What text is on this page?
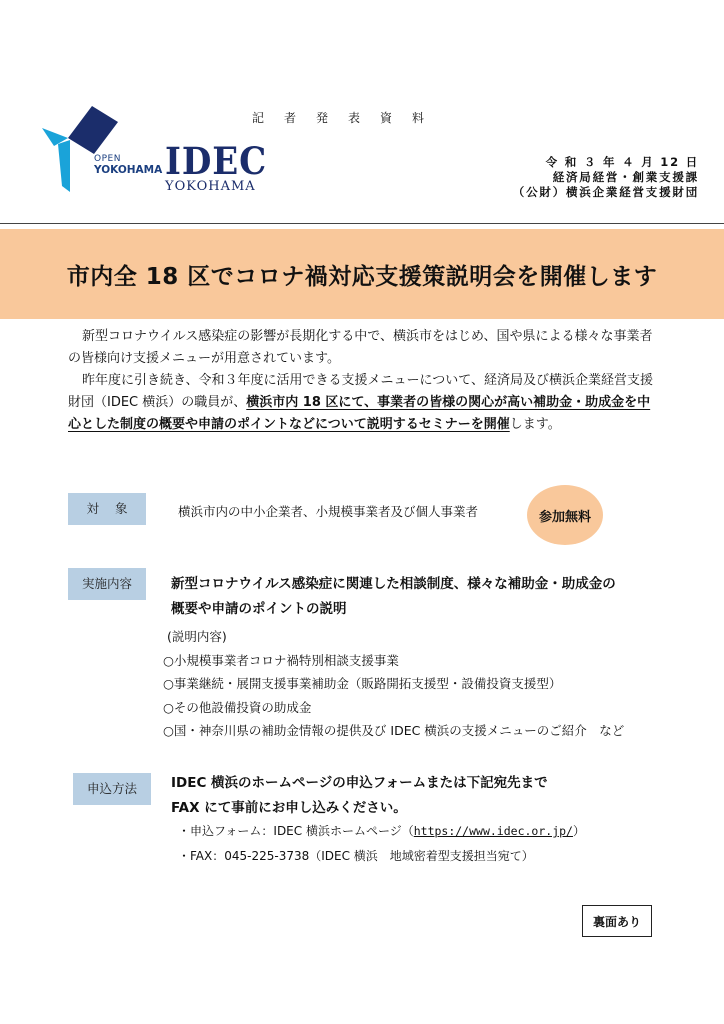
記者発表資料
OPEN
YOKOHAMA IDEC
YOKOHAMA
令 和 ３ 年 ４ 月 12 日
経済局経営・創業支援課
（公財）横浜企業経営支援財団
市内全 18 区でコロナ禍対応支援策説明会を開催します

新型コロナウイルス感染症の影響が長期化する中で、横浜市をはじめ、国や県による様々な事業者の皆様向け支援メニューが用意されています。

昨年度に引き続き、令和３年度に活用できる支援メニューについて、経済局及び横浜企業経営支援財団（IDEC 横浜）の職員が、横浜市内 18 区にて、事業者の皆様の関心が高い補助金・助成金を中心とした制度の概要や申請のポイントなどについて説明するセミナーを開催します。

対象	横浜市内の中小企業者、小規模事業者及び個人事業者	参加無料
実施内容	新型コロナウイルス感染症に関連した相談制度、様々な補助金・助成金の
概要や申請のポイントの説明
(説明内容)
○小規模事業者コロナ禍特別相談支援事業
○事業継続・展開支援事業補助金（販路開拓支援型・設備投資支援型）
○その他設備投資の助成金
○国・神奈川県の補助金情報の提供及び IDEC 横浜の支援メニューのご紹介　など
申込方法	IDEC 横浜のホームページの申込フォームまたは下記宛先まで
FAX にて事前にお申し込みください。
・申込フォーム：IDEC 横浜ホームページ（https://www.idec.or.jp/）
・FAX：045-225-3738（IDEC 横浜　地域密着型支援担当宛て）
裏面あり
